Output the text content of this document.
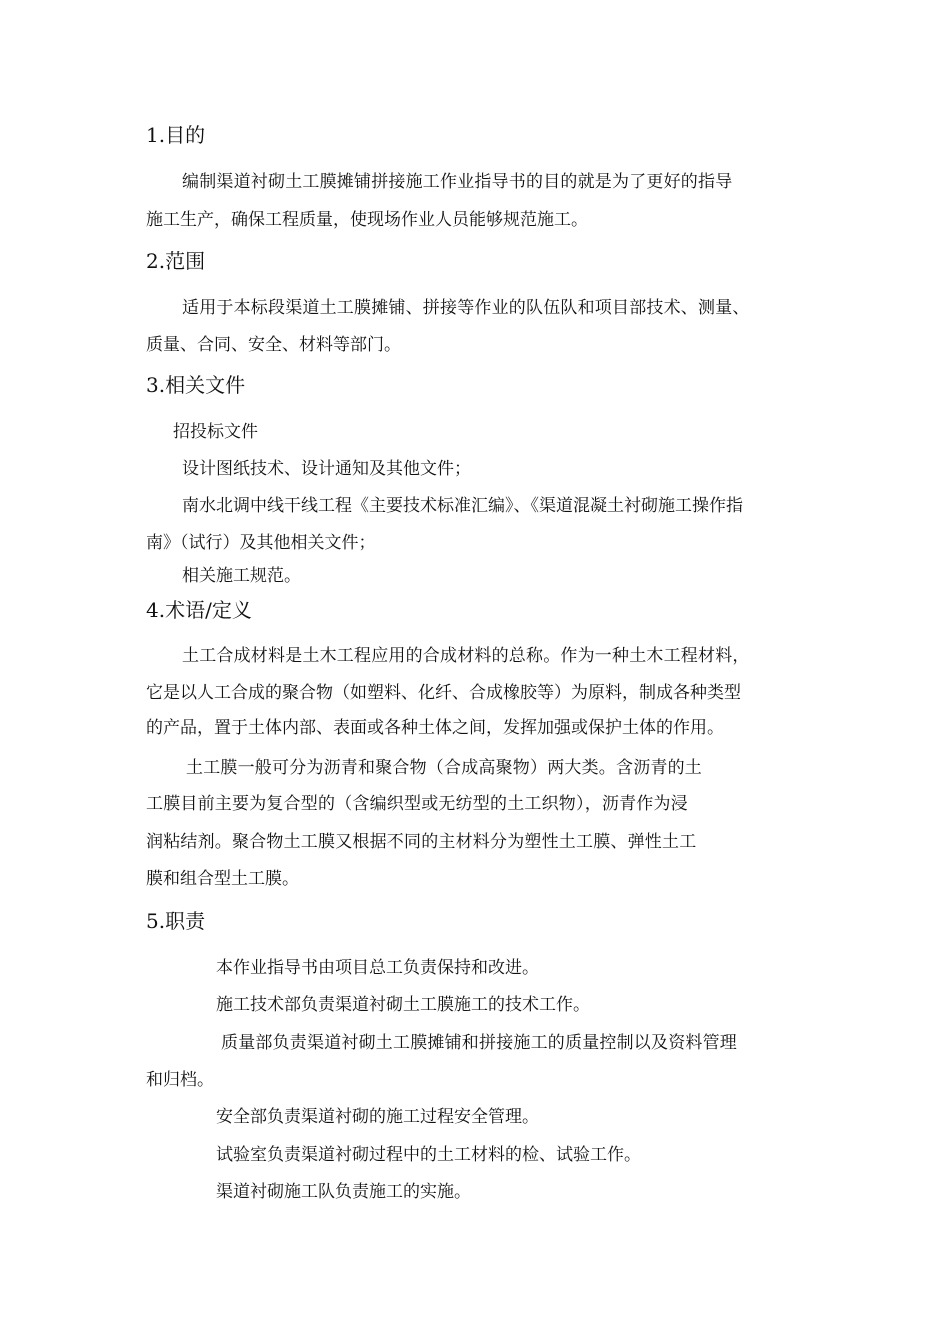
1.目的

编制渠道衬砌土工膜摊铺拼接施工作业指导书的目的就是为了更好的指导

施工生产，确保工程质量，使现场作业人员能够规范施工。

2.范围

适用于本标段渠道土工膜摊铺、拼接等作业的队伍队和项目部技术、测量、

质量、合同、安全、材料等部门。

3.相关文件

招投标文件

设计图纸技术、设计通知及其他文件；

南水北调中线干线工程《主要技术标准汇编》、《渠道混凝土衬砌施工操作指

南》（试行）及其他相关文件；

相关施工规范。

4.术语/定义

土工合成材料是土木工程应用的合成材料的总称。作为一种土木工程材料，

它是以人工合成的聚合物（如塑料、化纤、合成橡胶等）为原料，制成各种类型

的产品，置于土体内部、表面或各种土体之间，发挥加强或保护土体的作用。

土工膜一般可分为沥青和聚合物（合成高聚物）两大类。含沥青的土

工膜目前主要为复合型的（含编织型或无纺型的土工织物），沥青作为浸

润粘结剂。聚合物土工膜又根据不同的主材料分为塑性土工膜、弹性土工

膜和组合型土工膜。

5.职责

本作业指导书由项目总工负责保持和改进。

施工技术部负责渠道衬砌土工膜施工的技术工作。

质量部负责渠道衬砌土工膜摊铺和拼接施工的质量控制以及资料管理

和归档。

安全部负责渠道衬砌的施工过程安全管理。

试验室负责渠道衬砌过程中的土工材料的检、试验工作。

渠道衬砌施工队负责施工的实施。
